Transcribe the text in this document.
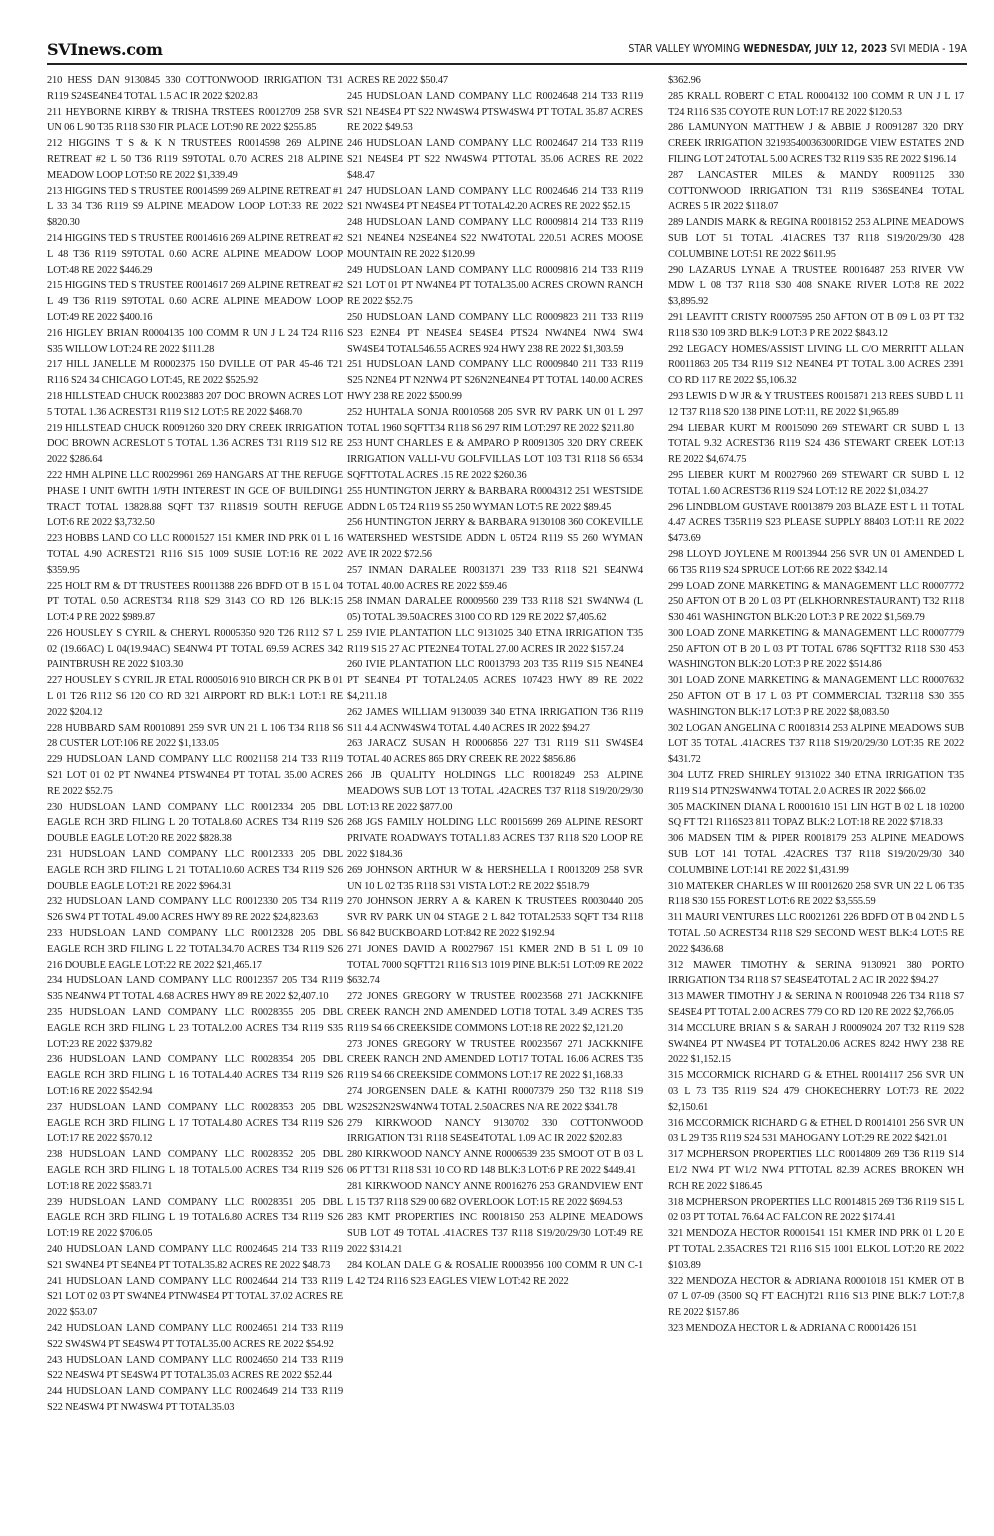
SVInews.com	STAR VALLEY WYOMING WEDNESDAY, JULY 12, 2023 SVI MEDIA - 19A

210 HESS DAN 9130845 330 COTTONWOOD IRRIGATION T31 R119 S24SE4NE4 TOTAL 1.5 AC IR 2022 $202.83

211 HEYBORNE KIRBY & TRISHA TRSTEES R0012709 258 SVR UN 06 L 90 T35 R118 S30 FIR PLACE LOT:90 RE 2022 $255.85

212 HIGGINS T S & K N TRUSTEES R0014598 269 ALPINE RETREAT #2 L 50 T36 R119 S9TOTAL 0.70 ACRES 218 ALPINE MEADOW LOOP LOT:50 RE 2022 $1,339.49

213 HIGGINS TED S TRUSTEE R0014599 269 ALPINE RETREAT #1 L 33 34 T36 R119 S9 ALPINE MEADOW LOOP LOT:33 RE 2022 $820.30

214 HIGGINS TED S TRUSTEE R0014616 269 ALPINE RETREAT #2 L 48 T36 R119 S9TOTAL 0.60 ACRE ALPINE MEADOW LOOP LOT:48 RE 2022 $446.29

215 HIGGINS TED S TRUSTEE R0014617 269 ALPINE RETREAT #2 L 49 T36 R119 S9TOTAL 0.60 ACRE ALPINE MEADOW LOOP LOT:49 RE 2022 $400.16

216 HIGLEY BRIAN R0004135 100 COMM R UN J L 24 T24 R116 S35 WILLOW LOT:24 RE 2022 $111.28

217 HILL JANELLE M R0002375 150 DVILLE OT PAR 45-46 T21 R116 S24 34 CHICAGO LOT:45, RE 2022 $525.92

218 HILLSTEAD CHUCK R0023883 207 DOC BROWN ACRES LOT 5 TOTAL 1.36 ACREST31 R119 S12 LOT:5 RE 2022 $468.70

219 HILLSTEAD CHUCK R0091260 320 DRY CREEK IRRIGATION DOC BROWN ACRESLOT 5 TOTAL 1.36 ACRES T31 R119 S12 RE 2022 $286.64

222 HMH ALPINE LLC R0029961 269 HANGARS AT THE REFUGE PHASE I UNIT 6WITH 1/9TH INTEREST IN GCE OF BUILDING1 TRACT TOTAL 13828.88 SQFT T37 R118S19 SOUTH REFUGE LOT:6 RE 2022 $3,732.50

223 HOBBS LAND CO LLC R0001527 151 KMER IND PRK 01 L 16 TOTAL 4.90 ACREST21 R116 S15 1009 SUSIE LOT:16 RE 2022 $359.95

225 HOLT RM & DT TRUSTEES R0011388 226 BDFD OT B 15 L 04 PT TOTAL 0.50 ACREST34 R118 S29 3143 CO RD 126 BLK:15 LOT:4 P RE 2022 $989.87

226 HOUSLEY S CYRIL & CHERYL R0005350 920 T26 R112 S7 L 02 (19.66AC) L 04(19.94AC) SE4NW4 PT TOTAL 69.59 ACRES 342 PAINTBRUSH RE 2022 $103.30

227 HOUSLEY S CYRIL JR ETAL R0005016 910 BIRCH CR PK B 01 L 01 T26 R112 S6 120 CO RD 321 AIRPORT RD BLK:1 LOT:1 RE 2022 $204.12

228 HUBBARD SAM R0010891 259 SVR UN 21 L 106 T34 R118 S6 28 CUSTER LOT:106 RE 2022 $1,133.05

229 HUDSLOAN LAND COMPANY LLC R0021158 214 T33 R119 S21 LOT 01 02 PT NW4NE4 PTSW4NE4 PT TOTAL 35.00 ACRES RE 2022 $52.75

230 HUDSLOAN LAND COMPANY LLC R0012334 205 DBL EAGLE RCH 3RD FILING L 20 TOTAL8.60 ACRES T34 R119 S26 DOUBLE EAGLE LOT:20 RE 2022 $828.38

231 HUDSLOAN LAND COMPANY LLC R0012333 205 DBL EAGLE RCH 3RD FILING L 21 TOTAL10.60 ACRES T34 R119 S26 DOUBLE EAGLE LOT:21 RE 2022 $964.31

232 HUDSLOAN LAND COMPANY LLC R0012330 205 T34 R119 S26 SW4 PT TOTAL 49.00 ACRES HWY 89 RE 2022 $24,823.63

233 HUDSLOAN LAND COMPANY LLC R0012328 205 DBL EAGLE RCH 3RD FILING L 22 TOTAL34.70 ACRES T34 R119 S26 216 DOUBLE EAGLE LOT:22 RE 2022 $21,465.17

234 HUDSLOAN LAND COMPANY LLC R0012357 205 T34 R119 S35 NE4NW4 PT TOTAL 4.68 ACRES HWY 89 RE 2022 $2,407.10

235 HUDSLOAN LAND COMPANY LLC R0028355 205 DBL EAGLE RCH 3RD FILING L 23 TOTAL2.00 ACRES T34 R119 S35 LOT:23 RE 2022 $379.82

236 HUDSLOAN LAND COMPANY LLC R0028354 205 DBL EAGLE RCH 3RD FILING L 16 TOTAL4.40 ACRES T34 R119 S26 LOT:16 RE 2022 $542.94

237 HUDSLOAN LAND COMPANY LLC R0028353 205 DBL EAGLE RCH 3RD FILING L 17 TOTAL4.80 ACRES T34 R119 S26 LOT:17 RE 2022 $570.12

238 HUDSLOAN LAND COMPANY LLC R0028352 205 DBL EAGLE RCH 3RD FILING L 18 TOTAL5.00 ACRES T34 R119 S26 LOT:18 RE 2022 $583.71

239 HUDSLOAN LAND COMPANY LLC R0028351 205 DBL EAGLE RCH 3RD FILING L 19 TOTAL6.80 ACRES T34 R119 S26 LOT:19 RE 2022 $706.05

240 HUDSLOAN LAND COMPANY LLC R0024645 214 T33 R119 S21 SW4NE4 PT SE4NE4 PT TOTAL35.82 ACRES RE 2022 $48.73

241 HUDSLOAN LAND COMPANY LLC R0024644 214 T33 R119 S21 LOT 02 03 PT SW4NE4 PTNW4SE4 PT TOTAL 37.02 ACRES RE 2022 $53.07

242 HUDSLOAN LAND COMPANY LLC R0024651 214 T33 R119 S22 SW4SW4 PT SE4SW4 PT TOTAL35.00 ACRES RE 2022 $54.92

243 HUDSLOAN LAND COMPANY LLC R0024650 214 T33 R119 S22 NE4SW4 PT SE4SW4 PT TOTAL35.03 ACRES RE 2022 $52.44

244 HUDSLOAN LAND COMPANY LLC R0024649 214 T33 R119 S22 NE4SW4 PT NW4SW4 PT TOTAL35.03

ACRES RE 2022 $50.47

245 HUDSLOAN LAND COMPANY LLC R0024648 214 T33 R119 S21 NE4SE4 PT S22 NW4SW4 PTSW4SW4 PT TOTAL 35.87 ACRES RE 2022 $49.53

246 HUDSLOAN LAND COMPANY LLC R0024647 214 T33 R119 S21 NE4SE4 PT S22 NW4SW4 PTTOTAL 35.06 ACRES RE 2022 $48.47

247 HUDSLOAN LAND COMPANY LLC R0024646 214 T33 R119 S21 NW4SE4 PT NE4SE4 PT TOTAL42.20 ACRES RE 2022 $52.15

248 HUDSLOAN LAND COMPANY LLC R0009814 214 T33 R119 S21 NE4NE4 N2SE4NE4 S22 NW4TOTAL 220.51 ACRES MOOSE MOUNTAIN RE 2022 $120.99

249 HUDSLOAN LAND COMPANY LLC R0009816 214 T33 R119 S21 LOT 01 PT NW4NE4 PT TOTAL35.00 ACRES CROWN RANCH RE 2022 $52.75

250 HUDSLOAN LAND COMPANY LLC R0009823 211 T33 R119 S23 E2NE4 PT NE4SE4 SE4SE4 PTS24 NW4NE4 NW4 SW4 SW4SE4 TOTAL546.55 ACRES 924 HWY 238 RE 2022 $1,303.59

251 HUDSLOAN LAND COMPANY LLC R0009840 211 T33 R119 S25 N2NE4 PT N2NW4 PT S26N2NE4NE4 PT TOTAL 140.00 ACRES HWY 238 RE 2022 $500.99

252 HUHTALA SONJA R0010568 205 SVR RV PARK UN 01 L 297 TOTAL 1960 SQFTT34 R118 S6 297 RIM LOT:297 RE 2022 $211.80

253 HUNT CHARLES E & AMPARO P R0091305 320 DRY CREEK IRRIGATION VALLI-VU GOLFVILLAS LOT 103 T31 R118 S6 6534 SQFTTOTAL ACRES .15 RE 2022 $260.36

255 HUNTINGTON JERRY & BARBARA R0004312 251 WESTSIDE ADDN L 05 T24 R119 S5 250 WYMAN LOT:5 RE 2022 $89.45

256 HUNTINGTON JERRY & BARBARA 9130108 360 COKEVILLE WATERSHED WESTSIDE ADDN L 05T24 R119 S5 260 WYMAN AVE IR 2022 $72.56

257 INMAN DARALEE R0031371 239 T33 R118 S21 SE4NW4 TOTAL 40.00 ACRES RE 2022 $59.46

258 INMAN DARALEE R0009560 239 T33 R118 S21 SW4NW4 (L 05) TOTAL 39.50ACRES 3100 CO RD 129 RE 2022 $7,405.62

259 IVIE PLANTATION LLC 9131025 340 ETNA IRRIGATION T35 R119 S15 27 AC PTE2NE4 TOTAL 27.00 ACRES IR 2022 $157.24

260 IVIE PLANTATION LLC R0013793 203 T35 R119 S15 NE4NE4 PT SE4NE4 PT TOTAL24.05 ACRES 107423 HWY 89 RE 2022 $4,211.18

262 JAMES WILLIAM 9130039 340 ETNA IRRIGATION T36 R119 S11 4.4 ACNW4SW4 TOTAL 4.40 ACRES IR 2022 $94.27

263 JARACZ SUSAN H R0006856 227 T31 R119 S11 SW4SE4 TOTAL 40 ACRES 865 DRY CREEK RE 2022 $856.86

266 JB QUALITY HOLDINGS LLC R0018249 253 ALPINE MEADOWS SUB LOT 13 TOTAL .42ACRES T37 R118 S19/20/29/30 LOT:13 RE 2022 $877.00

268 JGS FAMILY HOLDING LLC R0015699 269 ALPINE RESORT PRIVATE ROADWAYS TOTAL1.83 ACRES T37 R118 S20 LOOP RE 2022 $184.36

269 JOHNSON ARTHUR W & HERSHELLA I R0013209 258 SVR UN 10 L 02 T35 R118 S31 VISTA LOT:2 RE 2022 $518.79

270 JOHNSON JERRY A & KAREN K TRUSTEES R0030440 205 SVR RV PARK UN 04 STAGE 2 L 842 TOTAL2533 SQFT T34 R118 S6 842 BUCKBOARD LOT:842 RE 2022 $192.94

271 JONES DAVID A R0027967 151 KMER 2ND B 51 L 09 10 TOTAL 7000 SQFTT21 R116 S13 1019 PINE BLK:51 LOT:09 RE 2022 $632.74

272 JONES GREGORY W TRUSTEE R0023568 271 JACKKNIFE CREEK RANCH 2ND AMENDED LOT18 TOTAL 3.49 ACRES T35 R119 S4 66 CREEKSIDE COMMONS LOT:18 RE 2022 $2,121.20

273 JONES GREGORY W TRUSTEE R0023567 271 JACKKNIFE CREEK RANCH 2ND AMENDED LOT17 TOTAL 16.06 ACRES T35 R119 S4 66 CREEKSIDE COMMONS LOT:17 RE 2022 $1,168.33

274 JORGENSEN DALE & KATHI R0007379 250 T32 R118 S19 W2S2S2N2SW4NW4 TOTAL 2.50ACRES N/A RE 2022 $341.78

279 KIRKWOOD NANCY 9130702 330 COTTONWOOD IRRIGATION T31 R118 SE4SE4TOTAL 1.09 AC IR 2022 $202.83

280 KIRKWOOD NANCY ANNE R0006539 235 SMOOT OT B 03 L 06 PT T31 R118 S31 10 CO RD 148 BLK:3 LOT:6 P RE 2022 $449.41

281 KIRKWOOD NANCY ANNE R0016276 253 GRANDVIEW ENT L 15 T37 R118 S29 00 682 OVERLOOK LOT:15 RE 2022 $694.53

283 KMT PROPERTIES INC R0018150 253 ALPINE MEADOWS SUB LOT 49 TOTAL .41ACRES T37 R118 S19/20/29/30 LOT:49 RE 2022 $314.21

284 KOLAN DALE G & ROSALIE R0003956 100 COMM R UN C-1 L 42 T24 R116 S23 EAGLES VIEW LOT:42 RE 2022

$362.96

285 KRALL ROBERT C ETAL R0004132 100 COMM R UN J L 17 T24 R116 S35 COYOTE RUN LOT:17 RE 2022 $120.53

286 LAMUNYON MATTHEW J & ABBIE J R0091287 320 DRY CREEK IRRIGATION 32193540036300RIDGE VIEW ESTATES 2ND FILING LOT 24TOTAL 5.00 ACRES T32 R119 S35 RE 2022 $196.14

287 LANCASTER MILES & MANDY R0091125 330 COTTONWOOD IRRIGATION T31 R119 S36SE4NE4 TOTAL ACRES 5 IR 2022 $118.07

289 LANDIS MARK & REGINA R0018152 253 ALPINE MEADOWS SUB LOT 51 TOTAL .41ACRES T37 R118 S19/20/29/30 428 COLUMBINE LOT:51 RE 2022 $611.95

290 LAZARUS LYNAE A TRUSTEE R0016487 253 RIVER VW MDW L 08 T37 R118 S30 408 SNAKE RIVER LOT:8 RE 2022 $3,895.92

291 LEAVITT CRISTY R0007595 250 AFTON OT B 09 L 03 PT T32 R118 S30 109 3RD BLK:9 LOT:3 P RE 2022 $843.12

292 LEGACY HOMES/ASSIST LIVING LL C/O MERRITT ALLAN R0011863 205 T34 R119 S12 NE4NE4 PT TOTAL 3.00 ACRES 2391 CO RD 117 RE 2022 $5,106.32

293 LEWIS D W JR & Y TRUSTEES R0015871 213 REES SUBD L 11 12 T37 R118 S20 138 PINE LOT:11, RE 2022 $1,965.89

294 LIEBAR KURT M R0015090 269 STEWART CR SUBD L 13 TOTAL 9.32 ACREST36 R119 S24 436 STEWART CREEK LOT:13 RE 2022 $4,674.75

295 LIEBER KURT M R0027960 269 STEWART CR SUBD L 12 TOTAL 1.60 ACREST36 R119 S24 LOT:12 RE 2022 $1,034.27

296 LINDBLOM GUSTAVE R0013879 203 BLAZE EST L 11 TOTAL 4.47 ACRES T35R119 S23 PLEASE SUPPLY 88403 LOT:11 RE 2022 $473.69

298 LLOYD JOYLENE M R0013944 256 SVR UN 01 AMENDED L 66 T35 R119 S24 SPRUCE LOT:66 RE 2022 $342.14

299 LOAD ZONE MARKETING & MANAGEMENT LLC R0007772 250 AFTON OT B 20 L 03 PT (ELKHORNRESTAURANT) T32 R118 S30 461 WASHINGTON BLK:20 LOT:3 P RE 2022 $1,569.79

300 LOAD ZONE MARKETING & MANAGEMENT LLC R0007779 250 AFTON OT B 20 L 03 PT TOTAL 6786 SQFTT32 R118 S30 453 WASHINGTON BLK:20 LOT:3 P RE 2022 $514.86

301 LOAD ZONE MARKETING & MANAGEMENT LLC R0007632 250 AFTON OT B 17 L 03 PT COMMERCIAL T32R118 S30 355 WASHINGTON BLK:17 LOT:3 P RE 2022 $8,083.50

302 LOGAN ANGELINA C R0018314 253 ALPINE MEADOWS SUB LOT 35 TOTAL .41ACRES T37 R118 S19/20/29/30 LOT:35 RE 2022 $431.72

304 LUTZ FRED SHIRLEY 9131022 340 ETNA IRRIGATION T35 R119 S14 PTN2SW4NW4 TOTAL 2.0 ACRES IR 2022 $66.02

305 MACKINEN DIANA L R0001610 151 LIN HGT B 02 L 18 10200 SQ FT T21 R116S23 811 TOPAZ BLK:2 LOT:18 RE 2022 $718.33

306 MADSEN TIM & PIPER R0018179 253 ALPINE MEADOWS SUB LOT 141 TOTAL .42ACRES T37 R118 S19/20/29/30 340 COLUMBINE LOT:141 RE 2022 $1,431.99

310 MATEKER CHARLES W III R0012620 258 SVR UN 22 L 06 T35 R118 S30 155 FOREST LOT:6 RE 2022 $3,555.59

311 MAURI VENTURES LLC R0021261 226 BDFD OT B 04 2ND L 5 TOTAL .50 ACREST34 R118 S29 SECOND WEST BLK:4 LOT:5 RE 2022 $436.68

312 MAWER TIMOTHY & SERINA 9130921 380 PORTO IRRIGATION T34 R118 S7 SE4SE4TOTAL 2 AC IR 2022 $94.27

313 MAWER TIMOTHY J & SERINA N R0010948 226 T34 R118 S7 SE4SE4 PT TOTAL 2.00 ACRES 779 CO RD 120 RE 2022 $2,766.05

314 MCCLURE BRIAN S & SARAH J R0009024 207 T32 R119 S28 SW4NE4 PT NW4SE4 PT TOTAL20.06 ACRES 8242 HWY 238 RE 2022 $1,152.15

315 MCCORMICK RICHARD G & ETHEL R0014117 256 SVR UN 03 L 73 T35 R119 S24 479 CHOKECHERRY LOT:73 RE 2022 $2,150.61

316 MCCORMICK RICHARD G & ETHEL D R0014101 256 SVR UN 03 L 29 T35 R119 S24 531 MAHOGANY LOT:29 RE 2022 $421.01

317 MCPHERSON PROPERTIES LLC R0014809 269 T36 R119 S14 E1/2 NW4 PT W1/2 NW4 PTTOTAL 82.39 ACRES BROKEN WH RCH RE 2022 $186.45

318 MCPHERSON PROPERTIES LLC R0014815 269 T36 R119 S15 L 02 03 PT TOTAL 76.64 AC FALCON RE 2022 $174.41

321 MENDOZA HECTOR R0001541 151 KMER IND PRK 01 L 20 E PT TOTAL 2.35ACRES T21 R116 S15 1001 ELKOL LOT:20 RE 2022 $103.89

322 MENDOZA HECTOR & ADRIANA R0001018 151 KMER OT B 07 L 07-09 (3500 SQ FT EACH)T21 R116 S13 PINE BLK:7 LOT:7,8 RE 2022 $157.86

323 MENDOZA HECTOR L & ADRIANA C R0001426 151
